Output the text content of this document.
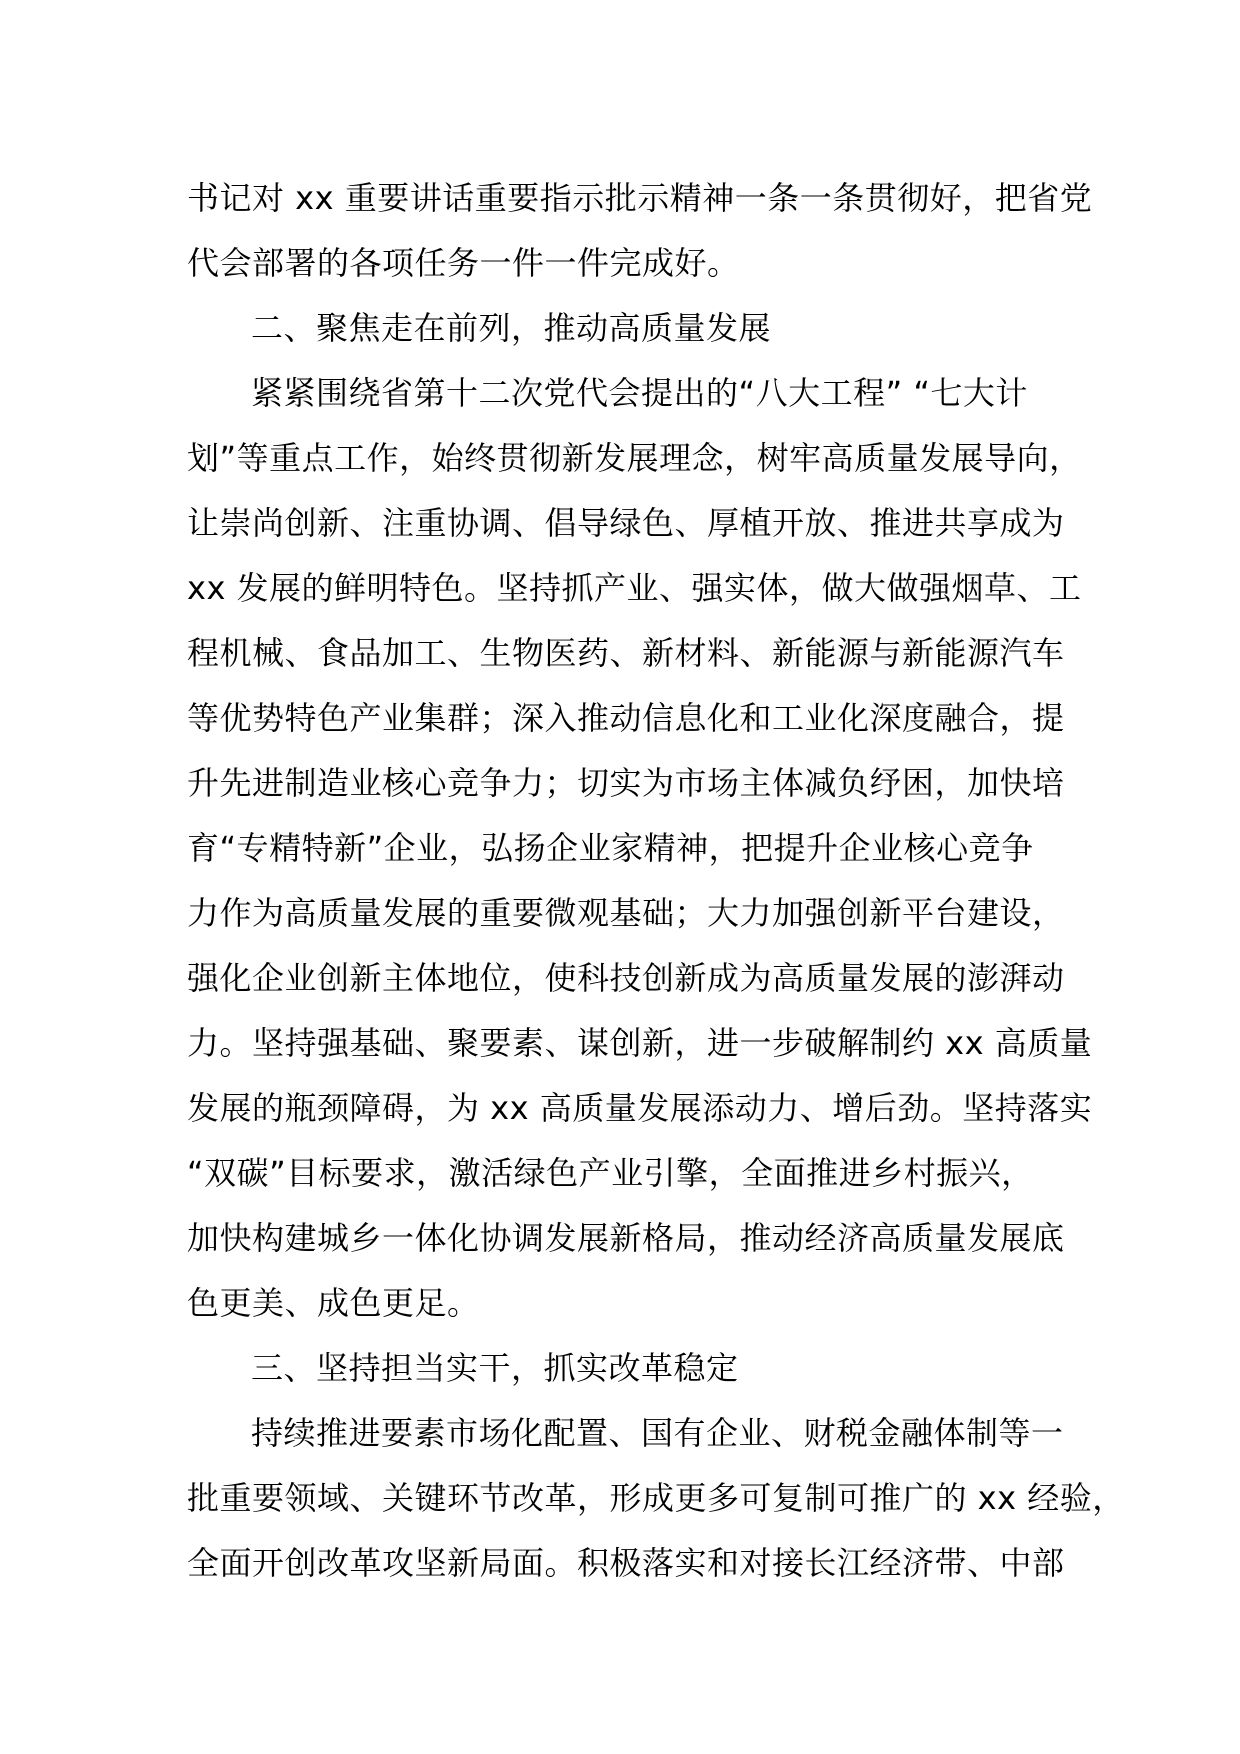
书记对 xx 重要讲话重要指示批示精神一条一条贯彻好，把省党
代会部署的各项任务一件一件完成好。
二、聚焦走在前列，推动高质量发展
紧紧围绕省第十二次党代会提出的“八大工程” “七大计
划”等重点工作，始终贯彻新发展理念，树牢高质量发展导向，
让崇尚创新、注重协调、倡导绿色、厚植开放、推进共享成为
xx 发展的鲜明特色。坚持抓产业、强实体，做大做强烟草、工
程机械、食品加工、生物医药、新材料、新能源与新能源汽车
等优势特色产业集群；深入推动信息化和工业化深度融合，提
升先进制造业核心竞争力；切实为市场主体减负纾困，加快培
育“专精特新”企业，弘扬企业家精神，把提升企业核心竞争
力作为高质量发展的重要微观基础；大力加强创新平台建设，
强化企业创新主体地位，使科技创新成为高质量发展的澎湃动
力。坚持强基础、聚要素、谋创新，进一步破解制约 xx 高质量
发展的瓶颈障碍，为 xx 高质量发展添动力、增后劲。坚持落实
“双碳”目标要求，激活绿色产业引擎，全面推进乡村振兴，
加快构建城乡一体化协调发展新格局，推动经济高质量发展底
色更美、成色更足。
三、坚持担当实干，抓实改革稳定
持续推进要素市场化配置、国有企业、财税金融体制等一
批重要领域、关键环节改革，形成更多可复制可推广的 xx 经验，
全面开创改革攻坚新局面。积极落实和对接长江经济带、中部
